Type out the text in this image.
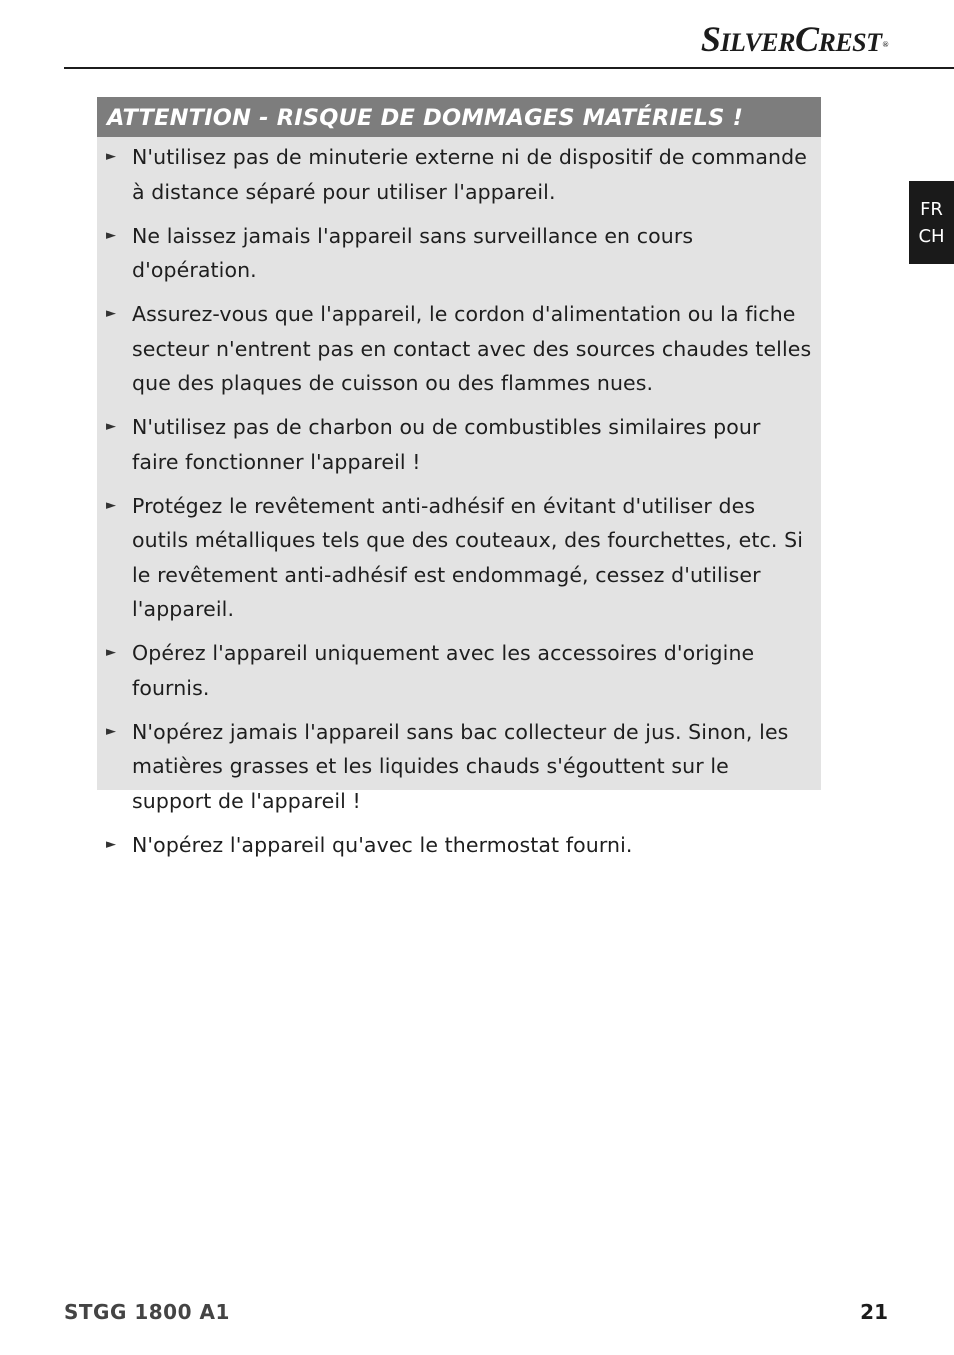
SILVERCREST®
FR
CH
ATTENTION - RISQUE DE DOMMAGES MATÉRIELS !
► N'utilisez pas de minuterie externe ni de dispositif de commande à distance séparé pour utiliser l'appareil.
► Ne laissez jamais l'appareil sans surveillance en cours d'opération.
► Assurez-vous que l'appareil, le cordon d'alimentation ou la fiche secteur n'entrent pas en contact avec des sources chaudes telles que des plaques de cuisson ou des flammes nues.
► N'utilisez pas de charbon ou de combustibles similaires pour faire fonctionner l'appareil !
► Protégez le revêtement anti-adhésif en évitant d'utiliser des outils métalliques tels que des couteaux, des fourchettes, etc. Si le revêtement anti-adhésif est endommagé, cessez d'utiliser l'appareil.
► Opérez l'appareil uniquement avec les accessoires d'origine fournis.
► N'opérez jamais l'appareil sans bac collecteur de jus. Sinon, les matières grasses et les liquides chauds s'égouttent sur le support de l'appareil !
► N'opérez l'appareil qu'avec le thermostat fourni.
STGG 1800 A1	21
